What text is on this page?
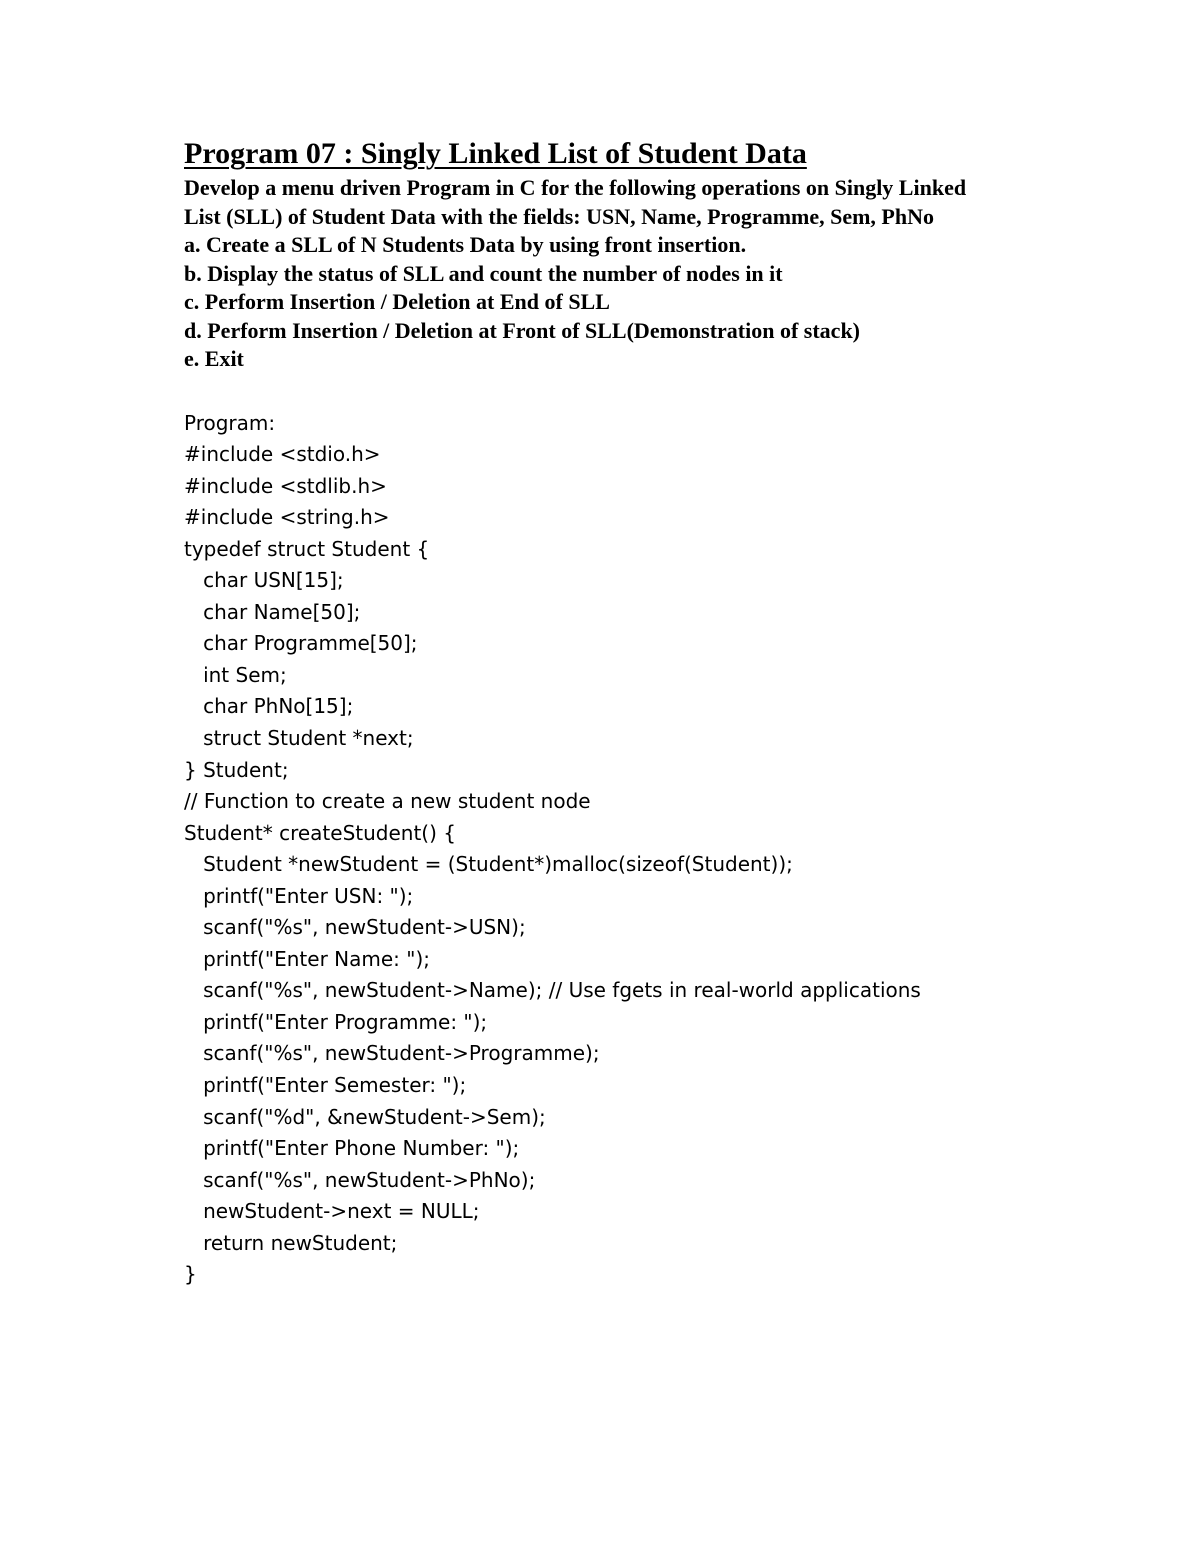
Program 07 : Singly Linked List of Student Data
Develop a menu driven Program in C for the following operations on Singly Linked List (SLL) of Student Data with the fields: USN, Name, Programme, Sem, PhNo
a. Create a SLL of N Students Data by using front insertion.
b. Display the status of SLL and count the number of nodes in it
c. Perform Insertion / Deletion at End of SLL
d. Perform Insertion / Deletion at Front of SLL(Demonstration of stack)
e. Exit
Program:
#include <stdio.h>
#include <stdlib.h>
#include <string.h>
typedef struct Student {
char USN[15];
char Name[50];
char Programme[50];
int Sem;
char PhNo[15];
struct Student *next;
} Student;
// Function to create a new student node
Student* createStudent() {
Student *newStudent = (Student*)malloc(sizeof(Student));
printf("Enter USN: ");
scanf("%s", newStudent->USN);
printf("Enter Name: ");
scanf("%s", newStudent->Name); // Use fgets in real-world applications
printf("Enter Programme: ");
scanf("%s", newStudent->Programme);
printf("Enter Semester: ");
scanf("%d", &newStudent->Sem);
printf("Enter Phone Number: ");
scanf("%s", newStudent->PhNo);
newStudent->next = NULL;
return newStudent;
}
